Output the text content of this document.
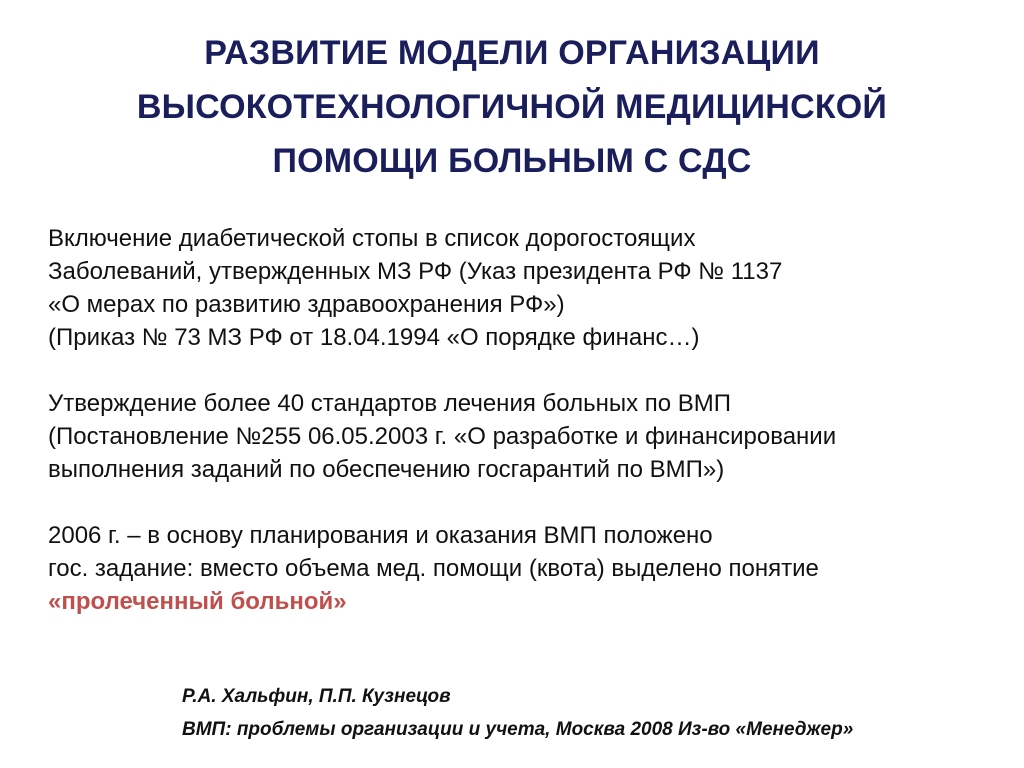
РАЗВИТИЕ МОДЕЛИ ОРГАНИЗАЦИИ
ВЫСОКОТЕХНОЛОГИЧНОЙ МЕДИЦИНСКОЙ
ПОМОЩИ БОЛЬНЫМ С СДС
Включение диабетической стопы в список дорогостоящих
Заболеваний, утвержденных МЗ РФ (Указ президента РФ № 1137
«О мерах по развитию здравоохранения РФ»)
(Приказ № 73 МЗ РФ от 18.04.1994 «О порядке финанс…)
Утверждение более 40 стандартов лечения больных по ВМП
(Постановление №255 06.05.2003 г. «О разработке и финансировании
выполнения заданий по обеспечению госгарантий по ВМП»)
2006 г. – в основу планирования и оказания ВМП положено
гос. задание: вместо объема мед. помощи (квота) выделено понятие
«пролеченный больной»
Р.А. Хальфин, П.П. Кузнецов
ВМП: проблемы организации и учета, Москва 2008 Из-во «Менеджер»
